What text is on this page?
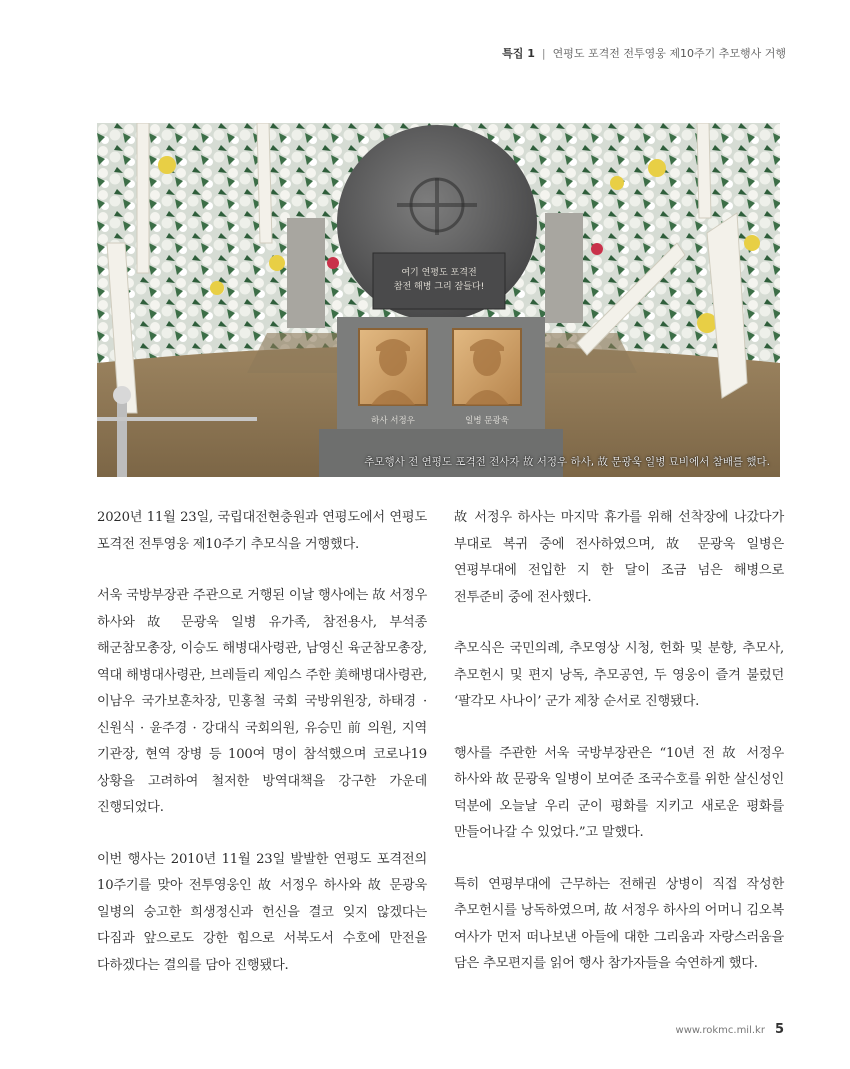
특집 1 | 연평도 포격전 전투영웅 제10주기 추모행사 거행
여기 연평도 포격전
참전 해병 그리 잠들다!
하사 서정우	일병 문광욱
추모행사 전 연평도 포격전 전사자 故 서정우 하사, 故 문광욱 일병 묘비에서 참배를 했다.

2020년 11월 23일, 국립대전현충원과 연평도에서 연평도 포격전 전투영웅 제10주기 추모식을 거행했다.

서욱 국방부장관 주관으로 거행된 이날 행사에는 故 서정우 하사와 故 문광욱 일병 유가족, 참전용사, 부석종 해군참모총장, 이승도 해병대사령관, 남영신 육군참모총장, 역대 해병대사령관, 브레들리 제임스 주한 美해병대사령관, 이남우 국가보훈차장, 민홍철 국회 국방위원장, 하태경 · 신원식 · 윤주경 · 강대식 국회의원, 유승민 前 의원, 지역 기관장, 현역 장병 등 100여 명이 참석했으며 코로나19 상황을 고려하여 철저한 방역대책을 강구한 가운데 진행되었다.

이번 행사는 2010년 11월 23일 발발한 연평도 포격전의 10주기를 맞아 전투영웅인 故 서정우 하사와 故 문광욱 일병의 숭고한 희생정신과 헌신을 결코 잊지 않겠다는 다짐과 앞으로도 강한 힘으로 서북도서 수호에 만전을 다하겠다는 결의를 담아 진행됐다.

故 서정우 하사는 마지막 휴가를 위해 선착장에 나갔다가 부대로 복귀 중에 전사하였으며, 故 문광욱 일병은 연평부대에 전입한 지 한 달이 조금 넘은 해병으로 전투준비 중에 전사했다.

추모식은 국민의례, 추모영상 시청, 헌화 및 분향, 추모사, 추모헌시 및 편지 낭독, 추모공연, 두 영웅이 즐겨 불렀던 ‘팔각모 사나이’ 군가 제창 순서로 진행됐다.

행사를 주관한 서욱 국방부장관은 “10년 전 故 서정우 하사와 故 문광욱 일병이 보여준 조국수호를 위한 살신성인 덕분에 오늘날 우리 군이 평화를 지키고 새로운 평화를 만들어나갈 수 있었다.”고 말했다.

특히 연평부대에 근무하는 전해권 상병이 직접 작성한 추모헌시를 낭독하였으며, 故 서정우 하사의 어머니 김오복 여사가 먼저 떠나보낸 아들에 대한 그리움과 자랑스러움을 담은 추모편지를 읽어 행사 참가자들을 숙연하게 했다.

www.rokmc.mil.kr 5
